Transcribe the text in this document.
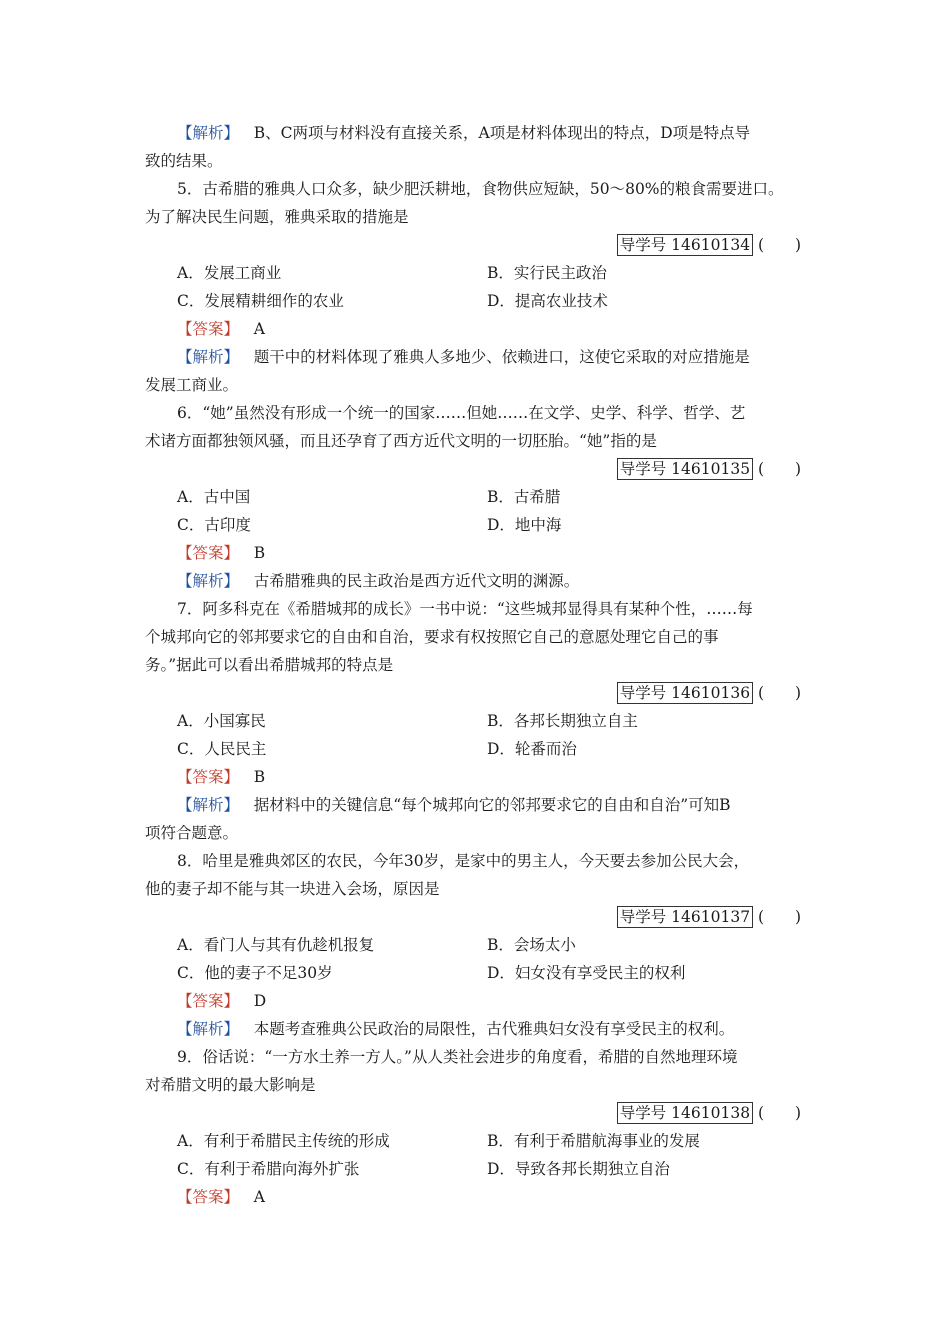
【解析】 B、C两项与材料没有直接关系，A项是材料体现出的特点，D项是特点导
致的结果。
5．古希腊的雅典人口众多，缺少肥沃耕地，食物供应短缺，50～80%的粮食需要进口。
为了解决民生问题，雅典采取的措施是
导学号 14610134 (　　)
A．发展工商业	B．实行民主政治
C．发展精耕细作的农业	D．提高农业技术
【答案】 A
【解析】 题干中的材料体现了雅典人多地少、依赖进口，这使它采取的对应措施是
发展工商业。
6．“她”虽然没有形成一个统一的国家……但她……在文学、史学、科学、哲学、艺
术诸方面都独领风骚，而且还孕育了西方近代文明的一切胚胎。“她”指的是
导学号 14610135 (　　)
A．古中国	B．古希腊
C．古印度	D．地中海
【答案】 B
【解析】 古希腊雅典的民主政治是西方近代文明的渊源。
7．阿多科克在《希腊城邦的成长》一书中说：“这些城邦显得具有某种个性，……每
个城邦向它的邻邦要求它的自由和自治，要求有权按照它自己的意愿处理它自己的事
务。”据此可以看出希腊城邦的特点是
导学号 14610136 (　　)
A．小国寡民	B．各邦长期独立自主
C．人民民主	D．轮番而治
【答案】 B
【解析】 据材料中的关键信息“每个城邦向它的邻邦要求它的自由和自治”可知B
项符合题意。
8．哈里是雅典郊区的农民，今年30岁，是家中的男主人，今天要去参加公民大会，
他的妻子却不能与其一块进入会场，原因是
导学号 14610137 (　　)
A．看门人与其有仇趁机报复	B．会场太小
C．他的妻子不足30岁	D．妇女没有享受民主的权利
【答案】 D
【解析】 本题考查雅典公民政治的局限性，古代雅典妇女没有享受民主的权利。
9．俗话说：“一方水土养一方人。”从人类社会进步的角度看，希腊的自然地理环境
对希腊文明的最大影响是
导学号 14610138 (　　)
A．有利于希腊民主传统的形成	B．有利于希腊航海事业的发展
C．有利于希腊向海外扩张	D．导致各邦长期独立自治
【答案】 A
